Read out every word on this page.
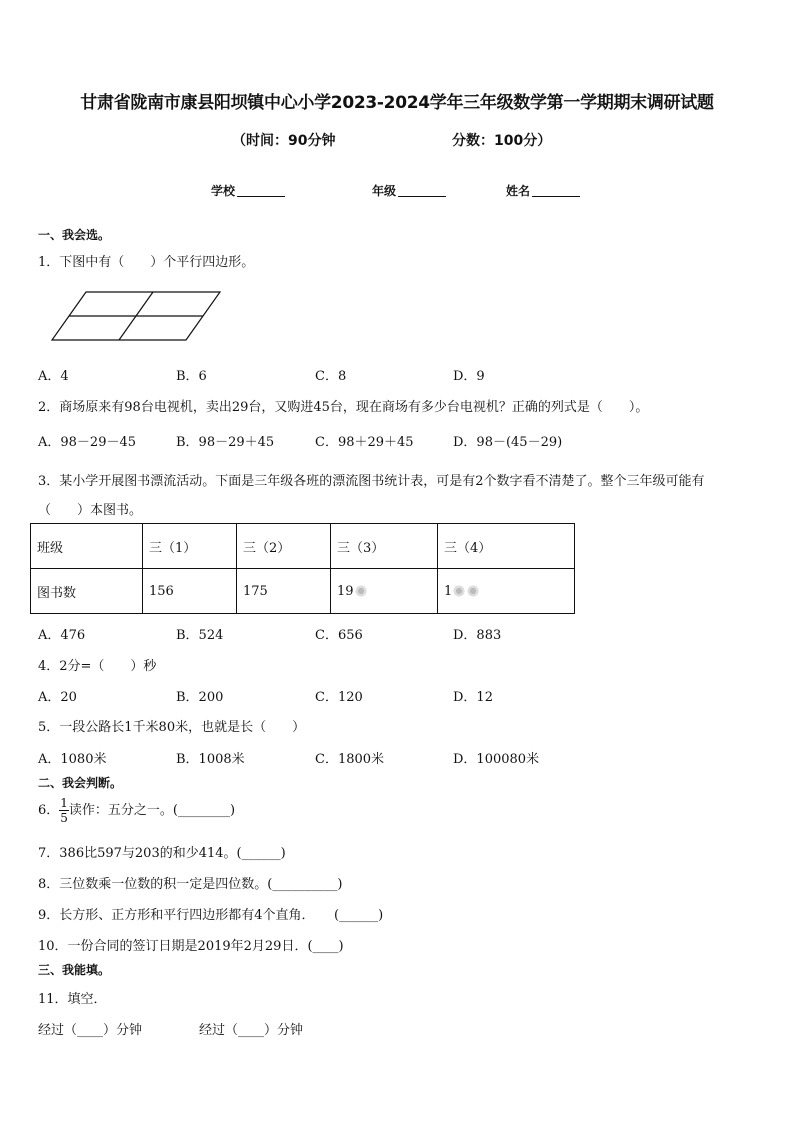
甘肃省陇南市康县阳坝镇中心小学2023-2024学年三年级数学第一学期期末调研试题
（时间：90分钟	分数：100分）
学校	年级	姓名
一、我会选。
1．下图中有（　　）个平行四边形。
A．4	B．6	C．8	D．9
2．商场原来有98台电视机，卖出29台，又购进45台，现在商场有多少台电视机？正确的列式是（　　）。
A．98－29－45	B．98－29＋45	C．98＋29＋45	D．98－(45－29)
3．某小学开展图书漂流活动。下面是三年级各班的漂流图书统计表，可是有2个数字看不清楚了。整个三年级可能有
（　　）本图书。
班级	三（1）	三（2）	三（3）	三（4）
图书数	156	175	19	1
A．476	B．524	C．656	D．883
4．2分=（　　）秒
A．20	B．200	C．120	D．12
5．一段公路长1千米80米，也就是长（　　）
A．1080米	B．1008米	C．1800米	D．100080米
二、我会判断。
6． $\frac{1}{5}$ 读作：五分之一。(________)
7．386比597与203的和少414。(______)
8．三位数乘一位数的积一定是四位数。(__________)
9．长方形、正方形和平行四边形都有4个直角．　　(______)
10．一份合同的签订日期是2019年2月29日．(____)
三、我能填。
11．填空．
经过（____）分钟	经过（____）分钟
